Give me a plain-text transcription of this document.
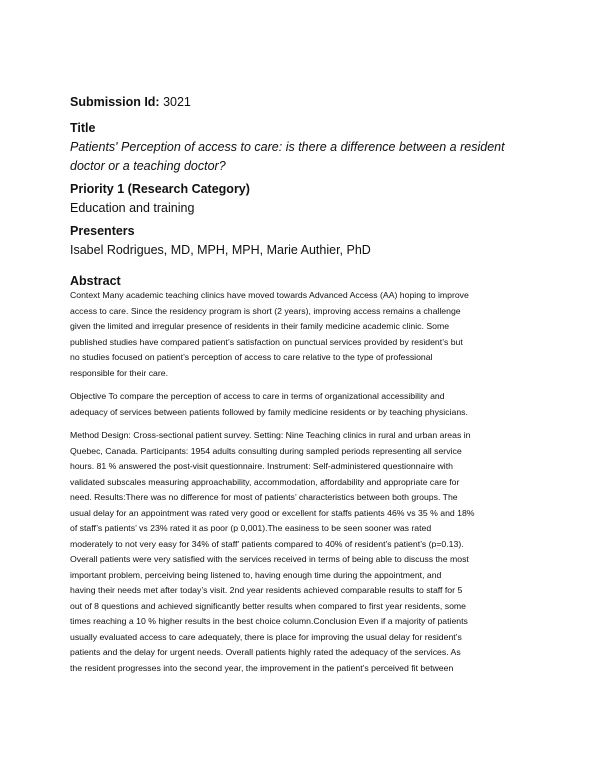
Submission Id: 3021
Title
Patients' Perception of access to care: is there a difference between a resident
doctor or a teaching doctor?
Priority 1 (Research Category)
Education and training
Presenters
Isabel Rodrigues, MD, MPH, MPH, Marie Authier, PhD
Abstract
Context Many academic teaching clinics have moved towards Advanced Access (AA) hoping to improve
access to care. Since the residency program is short (2 years), improving access remains a challenge
given the limited and irregular presence of residents in their family medicine academic clinic. Some
published studies have compared patient’s satisfaction on punctual services provided by resident’s but
no studies focused on patient’s perception of access to care relative to the type of professional
responsible for their care.
Objective To compare the perception of access to care in terms of organizational accessibility and
adequacy of services between patients followed by family medicine residents or by teaching physicians.
Method Design: Cross-sectional patient survey. Setting: Nine Teaching clinics in rural and urban areas in
Quebec, Canada. Participants: 1954 adults consulting during sampled periods representing all service
hours. 81 % answered the post-visit questionnaire. Instrument: Self-administered questionnaire with
validated subscales measuring approachability, accommodation, affordability and appropriate care for
need. Results:There was no difference for most of patients’ characteristics between both groups. The
usual delay for an appointment was rated very good or excellent for staffs patients 46% vs 35 % and 18%
of staff’s patients’ vs 23% rated it as poor (p 0,001).The easiness to be seen sooner was rated
moderately to not very easy for 34% of staff’ patients compared to 40% of resident’s patient’s (p=0.13).
Overall patients were very satisfied with the services received in terms of being able to discuss the most
important problem, perceiving being listened to, having enough time during the appointment, and
having their needs met after today’s visit. 2nd year residents achieved comparable results to staff for 5
out of 8 questions and achieved significantly better results when compared to first year residents, some
times reaching a 10 % higher results in the best choice column.Conclusion Even if a majority of patients
usually evaluated access to care adequately, there is place for improving the usual delay for resident’s
patients and the delay for urgent needs. Overall patients highly rated the adequacy of the services. As
the resident progresses into the second year, the improvement in the patient’s perceived fit between
